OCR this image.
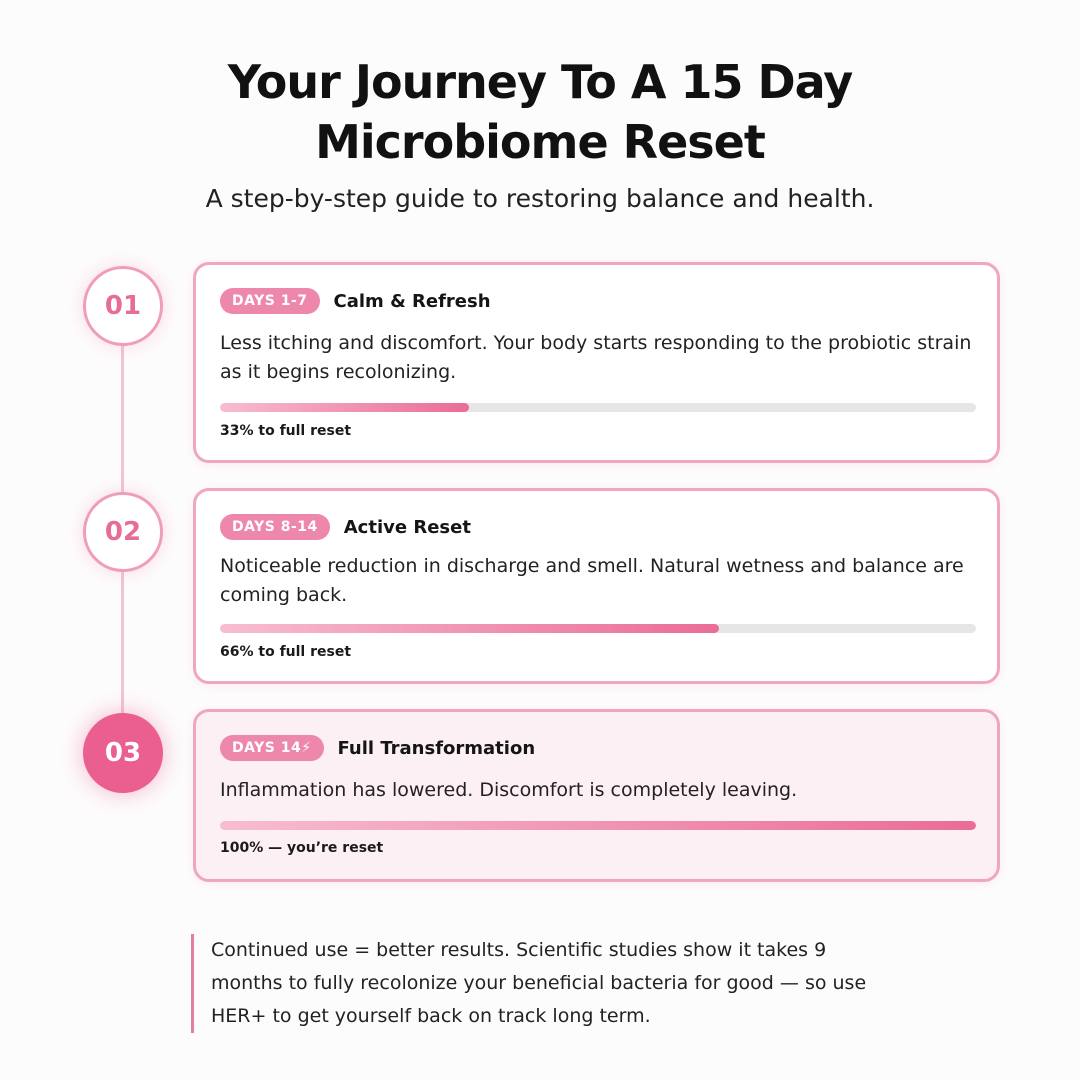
Your Journey To A 15 Day
Microbiome Reset
A step-by-step guide to restoring balance and health.
01	DAYS 1-7	Calm & Refresh
Less itching and discomfort. Your body starts responding to the probiotic strain as it begins recolonizing.
33% to full reset
02	DAYS 8-14	Active Reset
Noticeable reduction in discharge and smell. Natural wetness and balance are coming back.
66% to full reset
03	DAYS 14⚡	Full Transformation
Inflammation has lowered. Discomfort is completely leaving.
100% — you’re reset
Continued use = better results. Scientific studies show it takes 9 months to fully recolonize your beneficial bacteria for good — so use HER+ to get yourself back on track long term.
